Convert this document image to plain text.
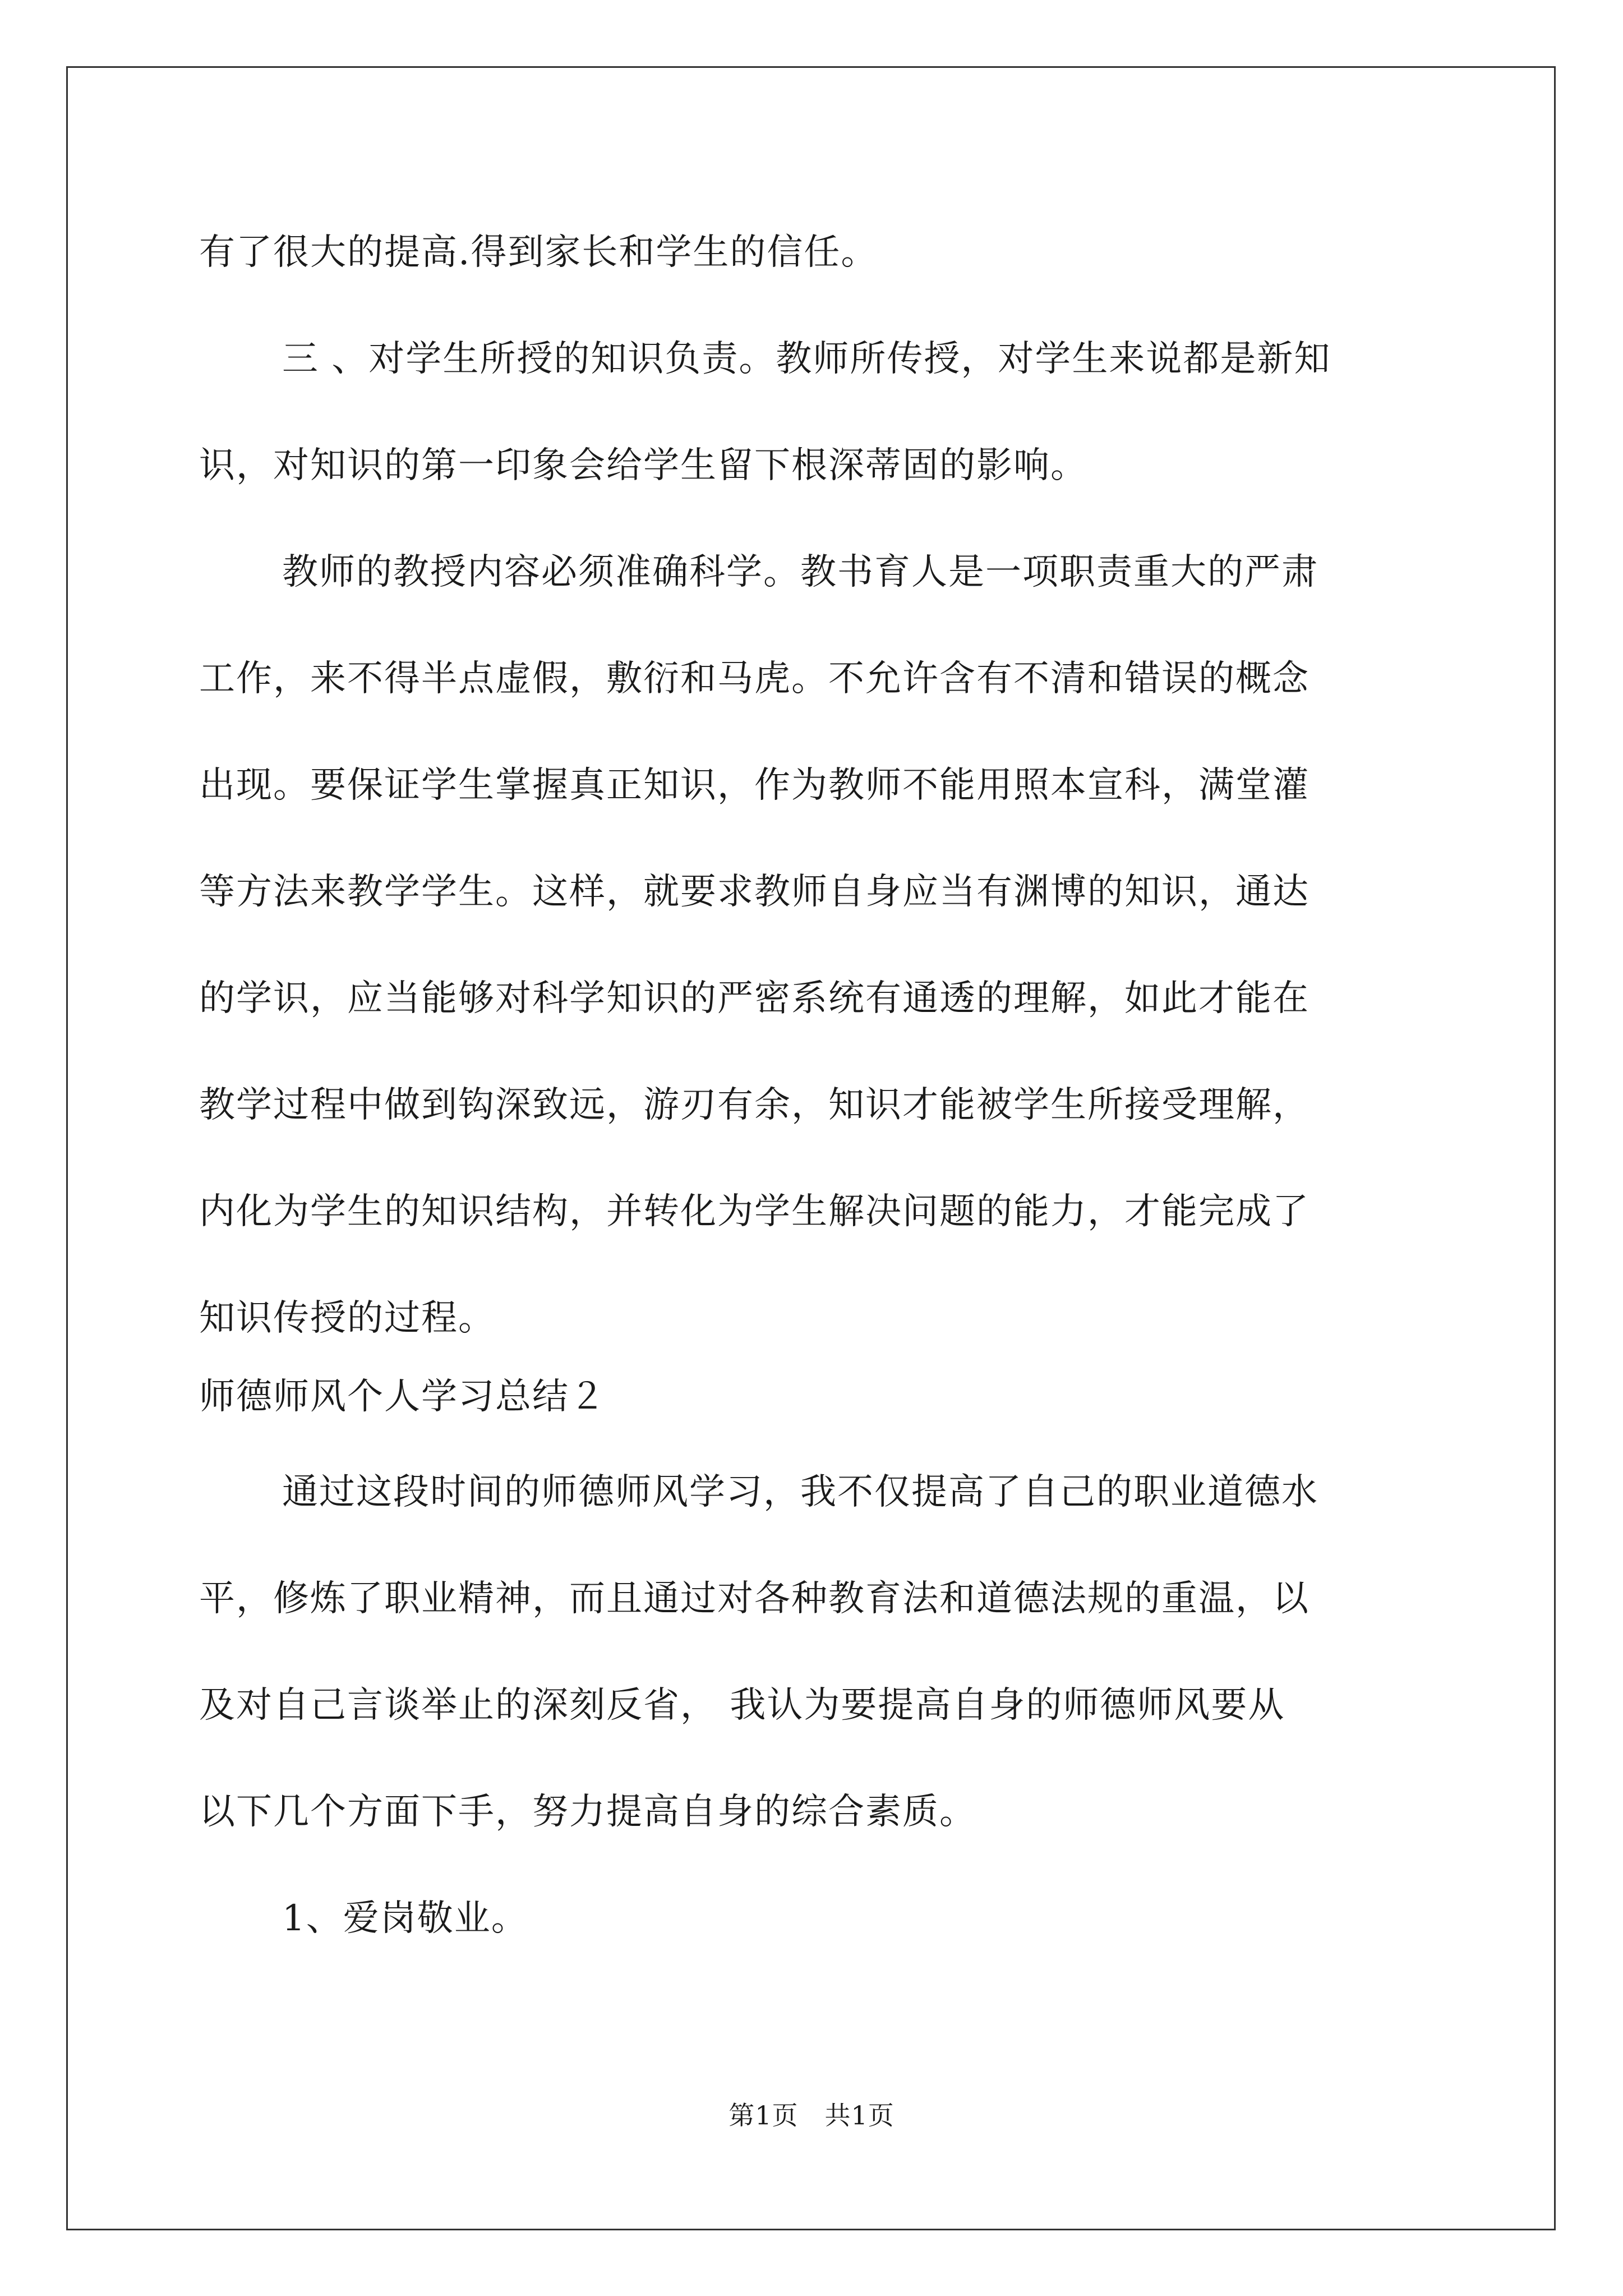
有了很大的提高.得到家长和学生的信任。
三 、对学生所授的知识负责。教师所传授，对学生来说都是新知
识，对知识的第一印象会给学生留下根深蒂固的影响。
教师的教授内容必须准确科学。教书育人是一项职责重大的严肃
工作，来不得半点虚假，敷衍和马虎。不允许含有不清和错误的概念
出现。要保证学生掌握真正知识，作为教师不能用照本宣科，满堂灌
等方法来教学学生。这样，就要求教师自身应当有渊博的知识，通达
的学识，应当能够对科学知识的严密系统有通透的理解，如此才能在
教学过程中做到钩深致远，游刃有余，知识才能被学生所接受理解，
内化为学生的知识结构，并转化为学生解决问题的能力，才能完成了
知识传授的过程。
师德师风个人学习总结２
通过这段时间的师德师风学习，我不仅提高了自己的职业道德水
平，修炼了职业精神，而且通过对各种教育法和道德法规的重温，以
及对自己言谈举止的深刻反省， 我认为要提高自身的师德师风要从
以下几个方面下手，努力提高自身的综合素质。
1、爱岗敬业。
第1页　共1页
